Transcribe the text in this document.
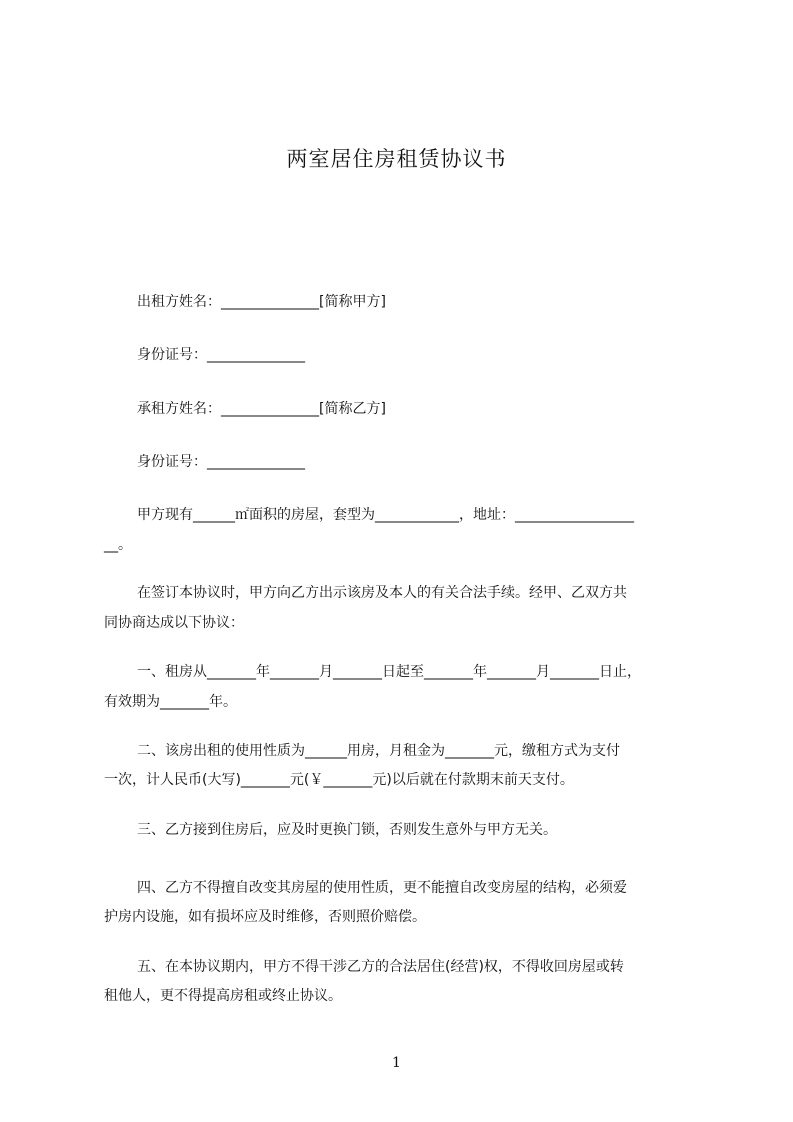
两室居住房租赁协议书
出租方姓名：______________[简称甲方]
身份证号：______________
承租方姓名：______________[简称乙方]
身份证号：______________
甲方现有______㎡面积的房屋，套型为____________，地址：_________________
__。
在签订本协议时，甲方向乙方出示该房及本人的有关合法手续。经甲、乙双方共
同协商达成以下协议：
一、租房从_______年_______月_______日起至_______年_______月_______日止，
有效期为_______年。
二、该房出租的使用性质为______用房，月租金为_______元，缴租方式为支付
一次，计人民币(大写)_______元(￥_______元)以后就在付款期末前天支付。
三、乙方接到住房后，应及时更换门锁，否则发生意外与甲方无关。
四、乙方不得擅自改变其房屋的使用性质，更不能擅自改变房屋的结构，必须爱
护房内设施，如有损坏应及时维修，否则照价赔偿。
五、在本协议期内，甲方不得干涉乙方的合法居住(经营)权，不得收回房屋或转
租他人，更不得提高房租或终止协议。
1
